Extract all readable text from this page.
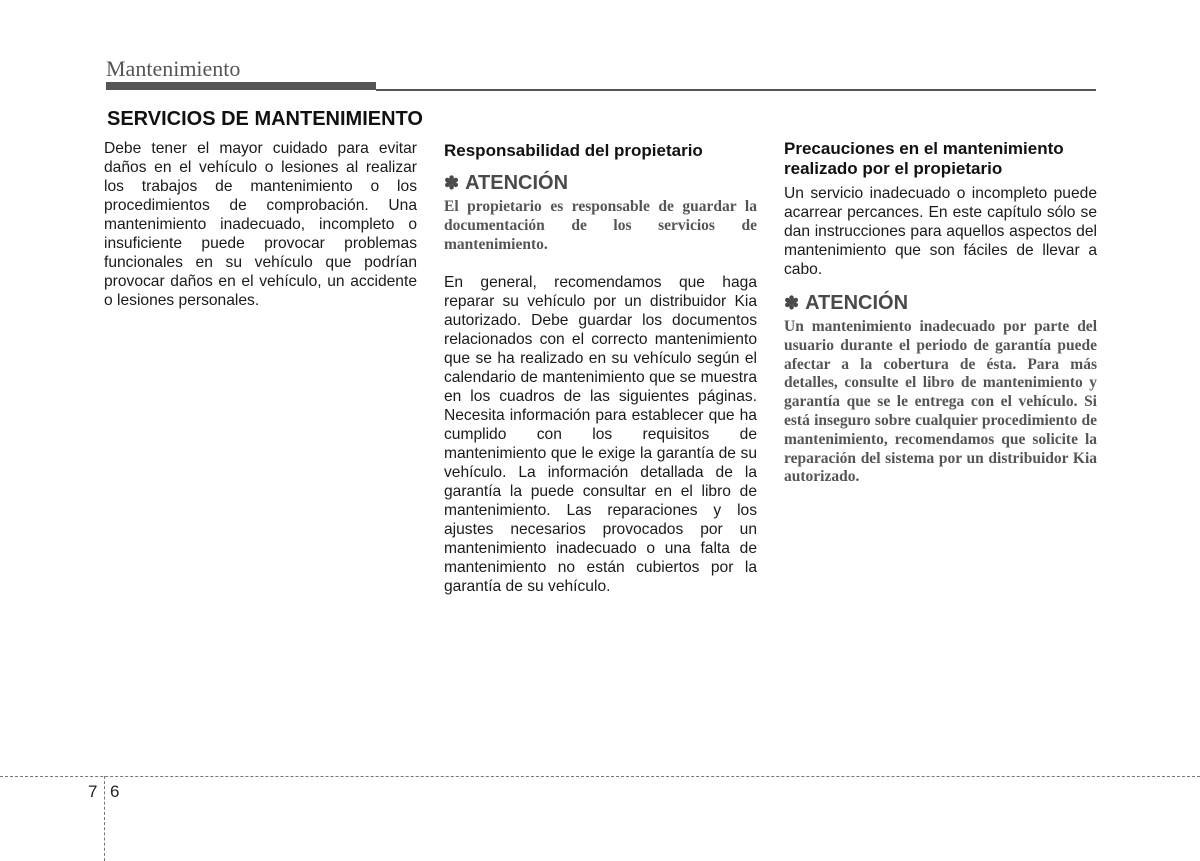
Mantenimiento
SERVICIOS DE MANTENIMIENTO

Debe tener el mayor cuidado para evitar daños en el vehículo o lesiones al realizar los trabajos de mantenimiento o los procedimientos de comprobación. Una mantenimiento inadecuado, incompleto o insuficiente puede provocar problemas funcionales en su vehículo que podrían provocar daños en el vehículo, un accidente o lesiones personales.

Responsabilidad del propietario

✽ ATENCIÓN

El propietario es responsable de guardar la documentación de los servicios de mantenimiento.

En general, recomendamos que haga reparar su vehículo por un distribuidor Kia autorizado. Debe guardar los documentos relacionados con el correcto mantenimiento que se ha realizado en su vehículo según el calendario de mantenimiento que se muestra en los cuadros de las siguientes páginas. Necesita información para establecer que ha cumplido con los requisitos de mantenimiento que le exige la garantía de su vehículo. La información detallada de la garantía la puede consultar en el libro de mantenimiento. Las reparaciones y los ajustes necesarios provocados por un mantenimiento inadecuado o una falta de mantenimiento no están cubiertos por la garantía de su vehículo.

Precauciones en el mantenimiento realizado por el propietario

Un servicio inadecuado o incompleto puede acarrear percances. En este capítulo sólo se dan instrucciones para aquellos aspectos del mantenimiento que son fáciles de llevar a cabo.

✽ ATENCIÓN

Un mantenimiento inadecuado por parte del usuario durante el periodo de garantía puede afectar a la cobertura de ésta. Para más detalles, consulte el libro de mantenimiento y garantía que se le entrega con el vehículo. Si está inseguro sobre cualquier procedimiento de mantenimiento, recomendamos que solicite la reparación del sistema por un distribuidor Kia autorizado.

7 6
